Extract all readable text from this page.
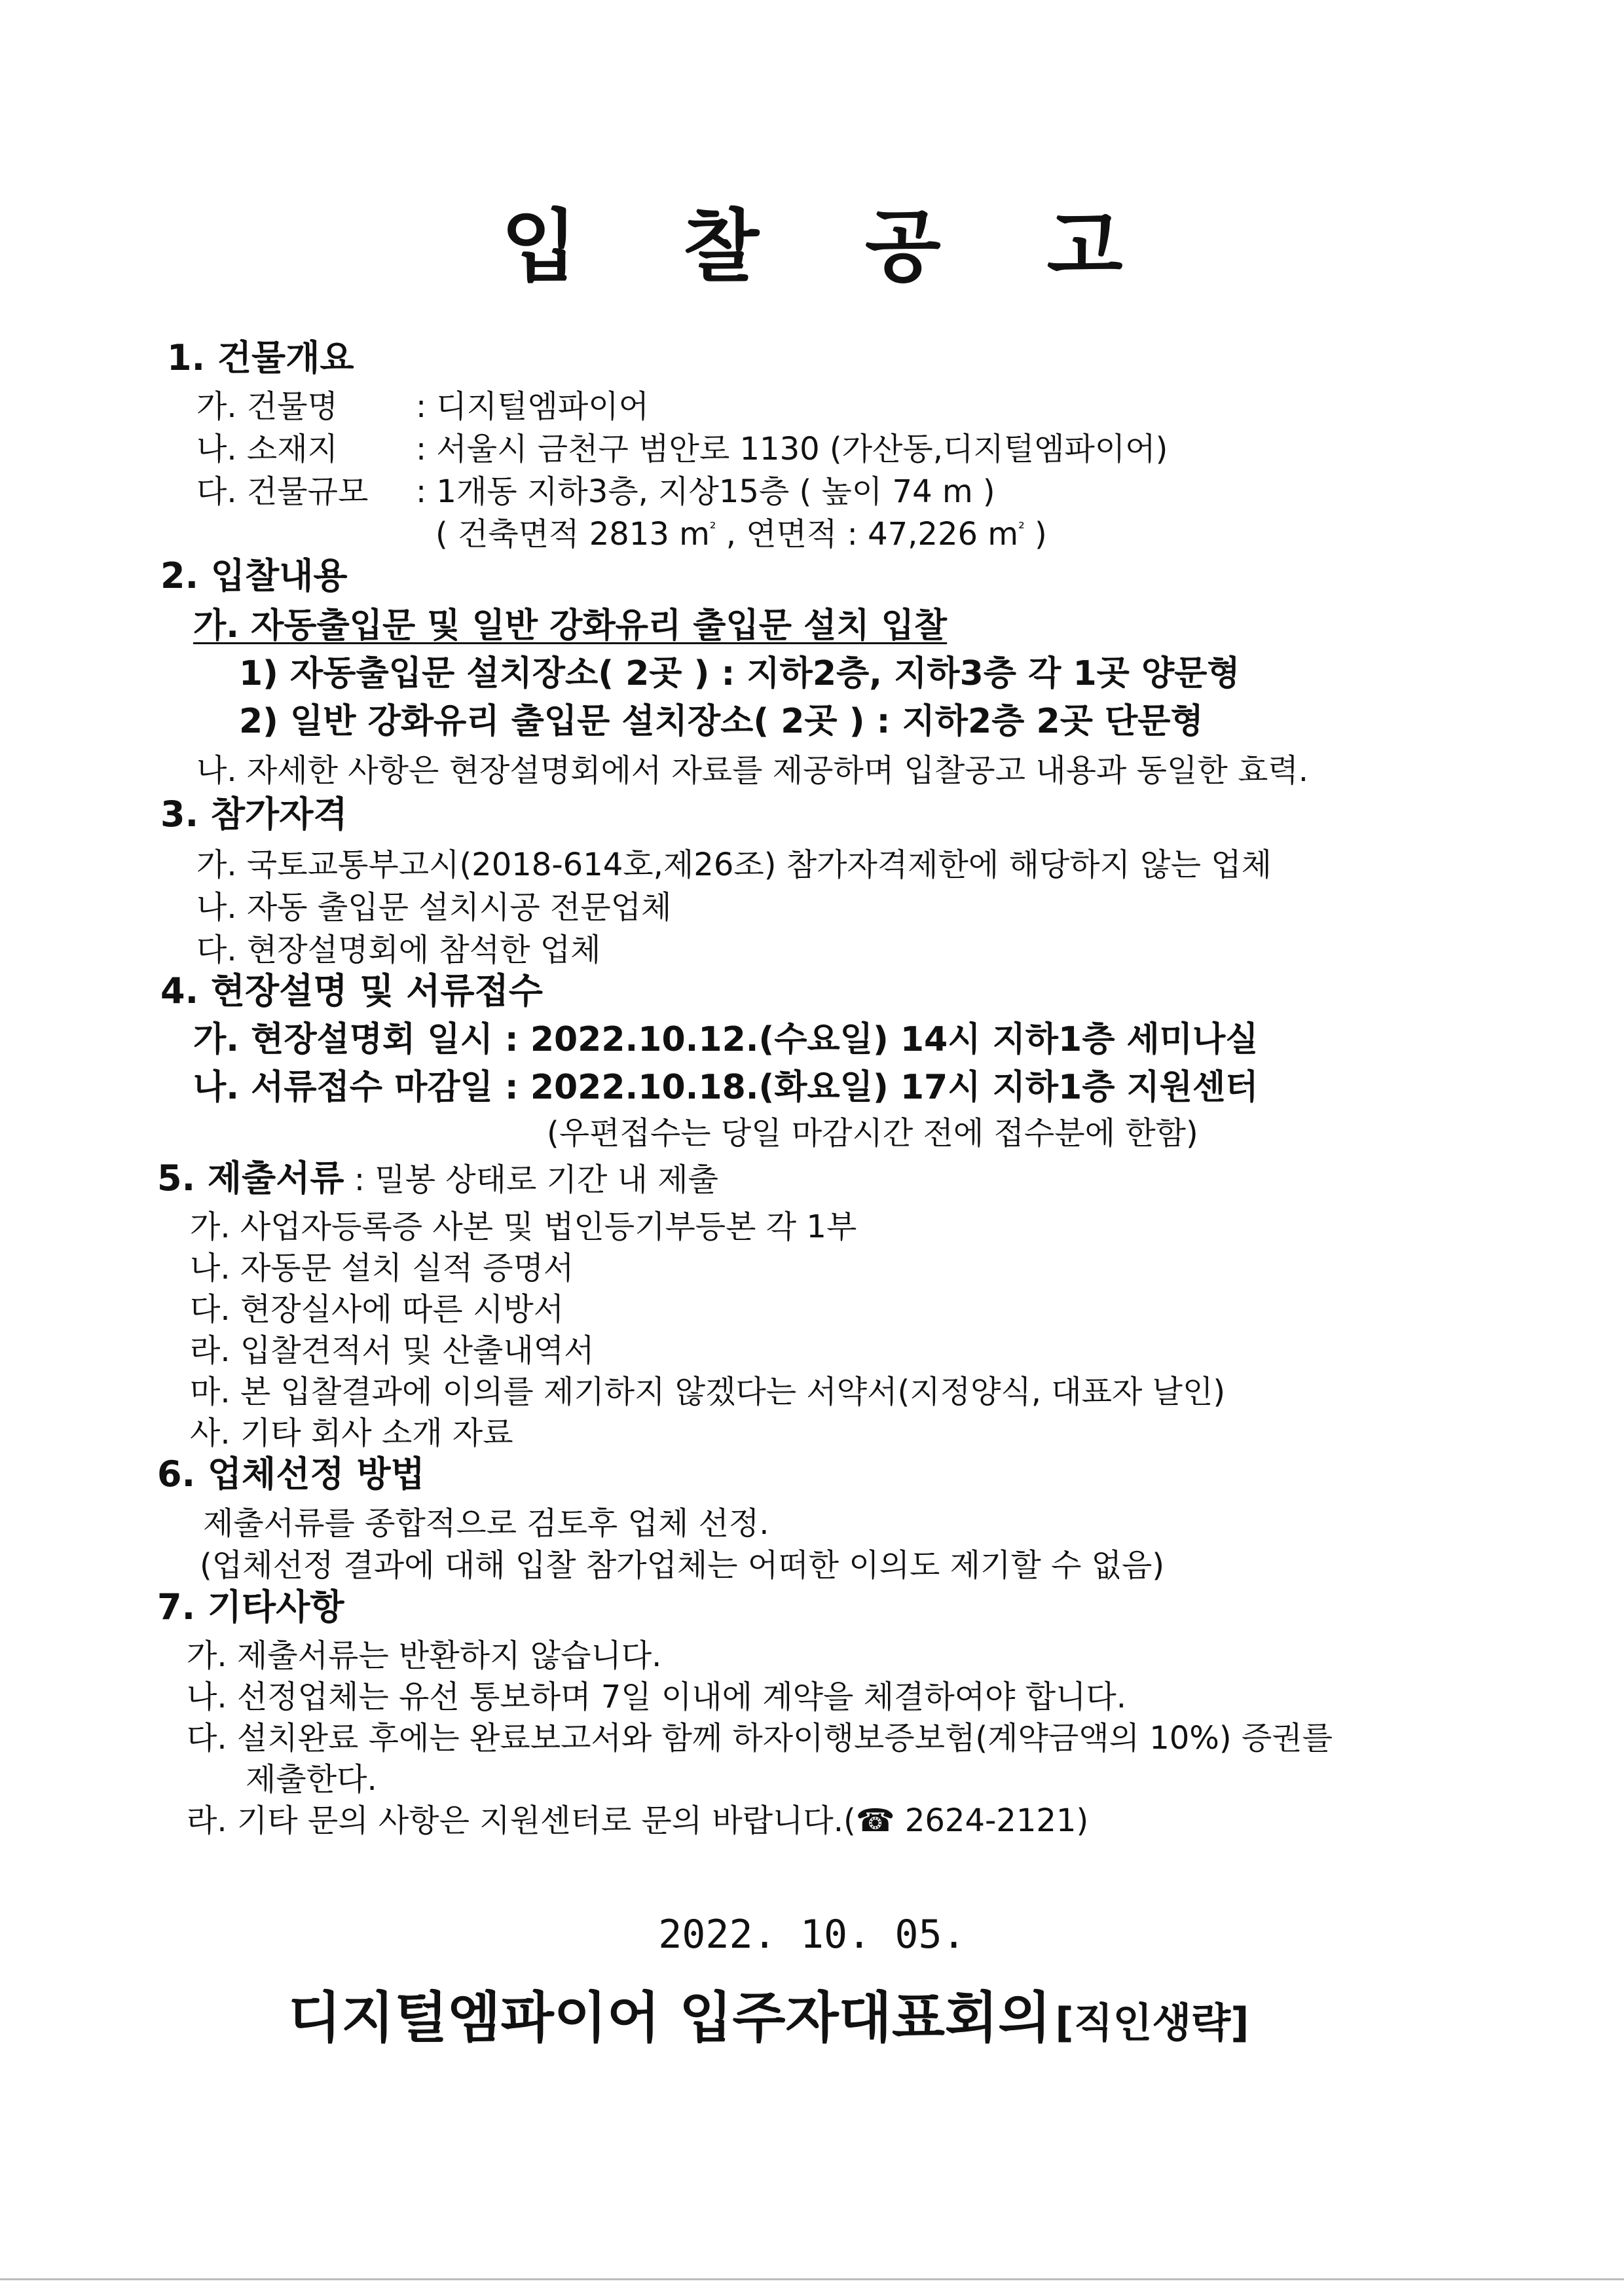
입 찰 공 고
1. 건물개요
가. 건물명 : 디지털엠파이어
나. 소재지 : 서울시 금천구 범안로 1130 (가산동,디지털엠파이어)
다. 건물규모 : 1개동 지하3층, 지상15층 ( 높이 74 m )
( 건축면적 2813 $m^{^2}$ , 연면적 : 47,226 $m^{^2}$ )
2. 입찰내용
가. 자동출입문 및 일반 강화유리 출입문 설치 입찰
1) 자동출입문 설치장소( 2곳 ) : 지하2층, 지하3층 각 1곳 양문형
2) 일반 강화유리 출입문 설치장소( 2곳 ) : 지하2층 2곳 단문형
나. 자세한 사항은 현장설명회에서 자료를 제공하며 입찰공고 내용과 동일한 효력.
3. 참가자격
가. 국토교통부고시(2018-614호,제26조) 참가자격제한에 해당하지 않는 업체
나. 자동 출입문 설치시공 전문업체
다. 현장설명회에 참석한 업체
4. 현장설명 및 서류접수
가. 현장설명회 일시 : 2022.10.12.(수요일) 14시 지하1층 세미나실
나. 서류접수 마감일 : 2022.10.18.(화요일) 17시 지하1층 지원센터
(우편접수는 당일 마감시간 전에 접수분에 한함)
5. 제출서류 : 밀봉 상태로 기간 내 제출
가. 사업자등록증 사본 및 법인등기부등본 각 1부
나. 자동문 설치 실적 증명서
다. 현장실사에 따른 시방서
라. 입찰견적서 및 산출내역서
마. 본 입찰결과에 이의를 제기하지 않겠다는 서약서(지정양식, 대표자 날인)
사. 기타 회사 소개 자료
6. 업체선정 방법
제출서류를 종합적으로 검토후 업체 선정.
(업체선정 결과에 대해 입찰 참가업체는 어떠한 이의도 제기할 수 없음)
7. 기타사항
가. 제출서류는 반환하지 않습니다.
나. 선정업체는 유선 통보하며 7일 이내에 계약을 체결하여야 합니다.
다. 설치완료 후에는 완료보고서와 함께 하자이행보증보험(계약금액의 10%) 증권를
제출한다.
라. 기타 문의 사항은 지원센터로 문의 바랍니다.(☎ 2624-2121)
2022. 10. 05.
디지털엠파이어 입주자대표회의[직인생략]
